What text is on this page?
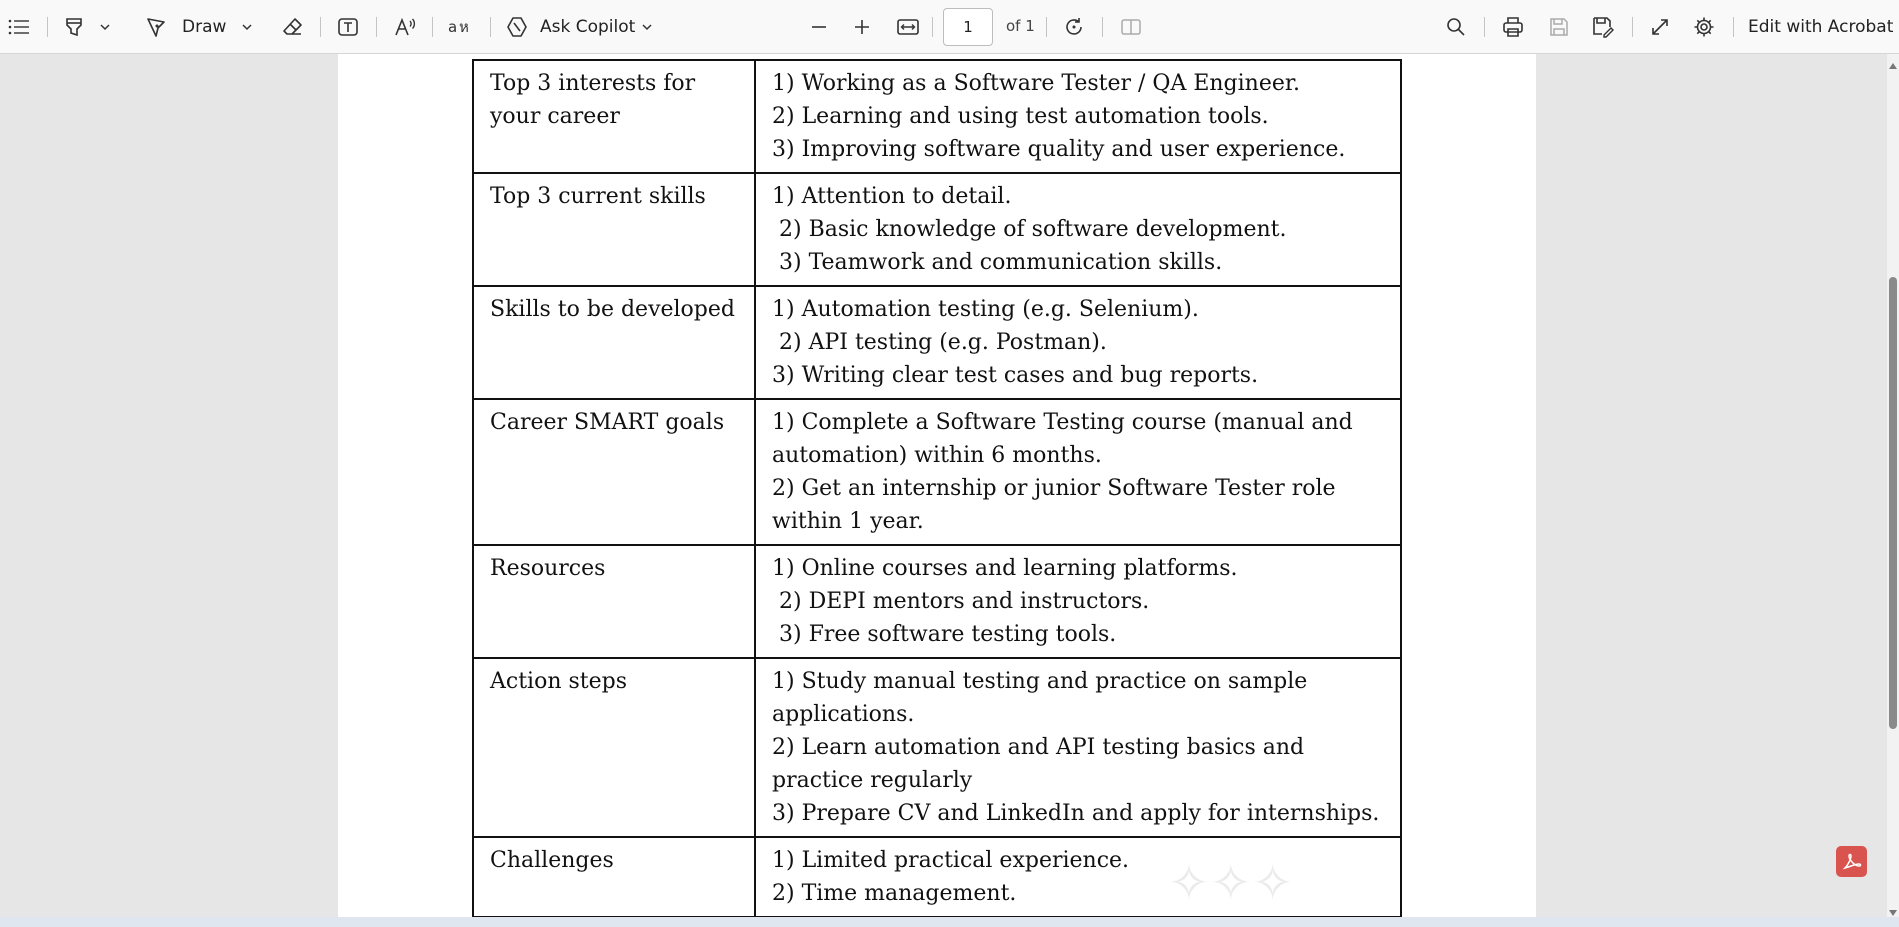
Draw	a ห	Ask Copilot	1	of 1	Edit with Acrobat
Top 3 interests for your career	1) Working as a Software Tester / QA Engineer.
2) Learning and using test automation tools.
3) Improving software quality and user experience.

Top 3 current skills	1) Attention to detail.
2) Basic knowledge of software development.
3) Teamwork and communication skills.

Skills to be developed	1) Automation testing (e.g. Selenium).
2) API testing (e.g. Postman).
3) Writing clear test cases and bug reports.

Career SMART goals	1) Complete a Software Testing course (manual and automation) within 6 months.
2) Get an internship or junior Software Tester role within 1 year.

Resources	1) Online courses and learning platforms.
2) DEPI mentors and instructors.
3) Free software testing tools.

Action steps	1) Study manual testing and practice on sample applications.
2) Learn automation and API testing basics and practice regularly
3) Prepare CV and LinkedIn and apply for internships.

Challenges	1) Limited practical experience.
2) Time management.	✧✧✧
